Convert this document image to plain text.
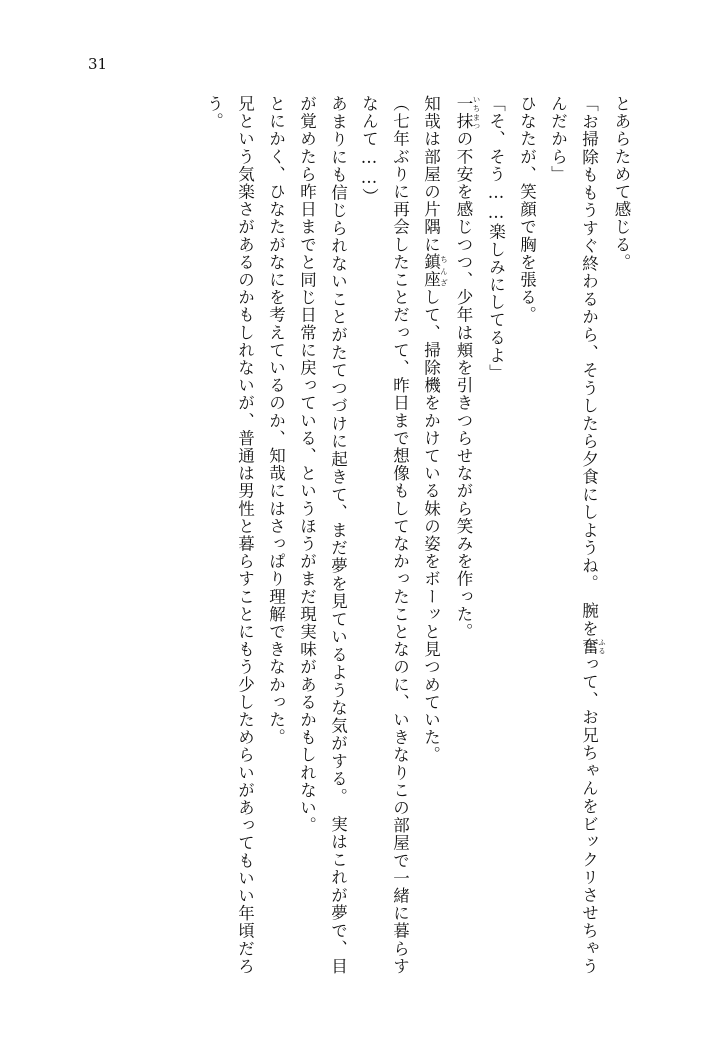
31

とあらためて感じる。

「お掃除ももうすぐ終わるから、そうしたら夕食にしようね。　腕を奮 ふるって、お兄ちゃんをビックリさせちゃうんだから」

ひなたが、笑顔で胸を張る。

「そ、そう……楽しみにしてるよ」

一抹 いちまつの不安を感じつつ、少年は頬を引きつらせながら笑みを作った。

知哉は部屋の片隅に鎮座 ちんざして、掃除機をかけている妹の姿をボーッと見つめていた。

（七年ぶりに再会したことだって、昨日まで想像もしてなかったことなのに、いきなりこの部屋で一緒に暮らすなんて……）

あまりにも信じられないことがたてつづけに起きて、まだ夢を見ているような気がする。　実はこれが夢で、目が覚めたら昨日までと同じ日常に戻っている、というほうがまだ現実味があるかもしれない。

とにかく、ひなたがなにを考えているのか、知哉にはさっぱり理解できなかった。

兄という気楽さがあるのかもしれないが、普通は男性と暮らすことにもう少しためらいがあってもいい年頃だろう。
